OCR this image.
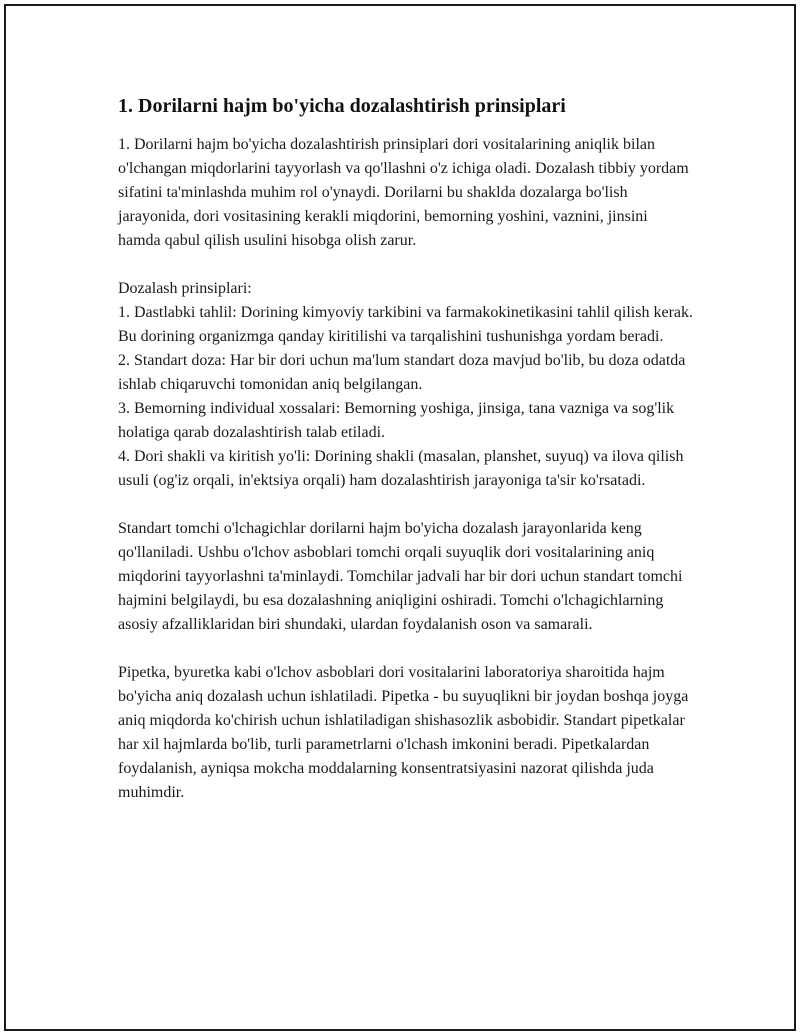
1. Dorilarni hajm bo'yicha dozalashtirish prinsiplari

1. Dorilarni hajm bo'yicha dozalashtirish prinsiplari dori vositalarining aniqlik bilan o'lchangan miqdorlarini tayyorlash va qo'llashni o'z ichiga oladi. Dozalash tibbiy yordam sifatini ta'minlashda muhim rol o'ynaydi. Dorilarni bu shaklda dozalarga bo'lish jarayonida, dori vositasining kerakli miqdorini, bemorning yoshini, vaznini, jinsini hamda qabul qilish usulini hisobga olish zarur.

Dozalash prinsiplari:

1. Dastlabki tahlil: Dorining kimyoviy tarkibini va farmakokinetikasini tahlil qilish kerak. Bu dorining organizmga qanday kiritilishi va tarqalishini tushunishga yordam beradi.

2. Standart doza: Har bir dori uchun ma'lum standart doza mavjud bo'lib, bu doza odatda ishlab chiqaruvchi tomonidan aniq belgilangan.

3. Bemorning individual xossalari: Bemorning yoshiga, jinsiga, tana vazniga va sog'lik holatiga qarab dozalashtirish talab etiladi.

4. Dori shakli va kiritish yo'li: Dorining shakli (masalan, planshet, suyuq) va ilova qilish usuli (og'iz orqali, in'ektsiya orqali) ham dozalashtirish jarayoniga ta'sir ko'rsatadi.

Standart tomchi o'lchagichlar dorilarni hajm bo'yicha dozalash jarayonlarida keng qo'llaniladi. Ushbu o'lchov asboblari tomchi orqali suyuqlik dori vositalarining aniq miqdorini tayyorlashni ta'minlaydi. Tomchilar jadvali har bir dori uchun standart tomchi hajmini belgilaydi, bu esa dozalashning aniqligini oshiradi. Tomchi o'lchagichlarning asosiy afzalliklaridan biri shundaki, ulardan foydalanish oson va samarali.

Pipetka, byuretka kabi o'lchov asboblari dori vositalarini laboratoriya sharoitida hajm bo'yicha aniq dozalash uchun ishlatiladi. Pipetka - bu suyuqlikni bir joydan boshqa joyga aniq miqdorda ko'chirish uchun ishlatiladigan shishasozlik asbobidir. Standart pipetkalar har xil hajmlarda bo'lib, turli parametrlarni o'lchash imkonini beradi. Pipetkalardan foydalanish, ayniqsa mokcha moddalarning konsentratsiyasini nazorat qilishda juda muhimdir.
